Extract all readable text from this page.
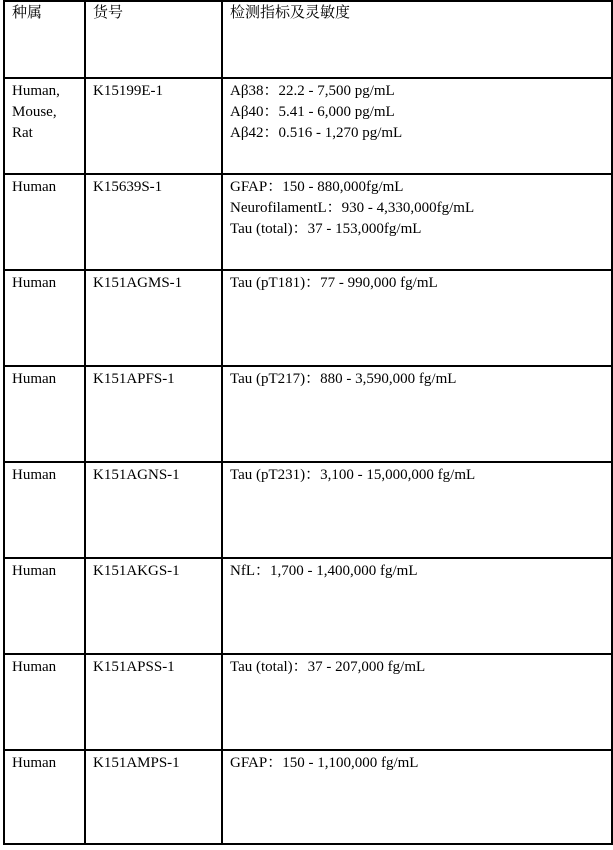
种属	货号	检测指标及灵敏度

Human,
Mouse,
Rat	K15199E-1	Aβ38：22.2 - 7,500 pg/mL
Aβ40：5.41 - 6,000 pg/mL
Aβ42：0.516 - 1,270 pg/mL

Human	K15639S-1	GFAP：150 - 880,000fg/mL
NeurofilamentL：930 - 4,330,000fg/mL
Tau (total)：37 - 153,000fg/mL

Human	K151AGMS-1	Tau (pT181)：77 - 990,000 fg/mL

Human	K151APFS-1	Tau (pT217)：880 - 3,590,000 fg/mL

Human	K151AGNS-1	Tau (pT231)：3,100 - 15,000,000 fg/mL

Human	K151AKGS-1	NfL：1,700 - 1,400,000 fg/mL

Human	K151APSS-1	Tau (total)：37 - 207,000 fg/mL

Human	K151AMPS-1	GFAP：150 - 1,100,000 fg/mL
